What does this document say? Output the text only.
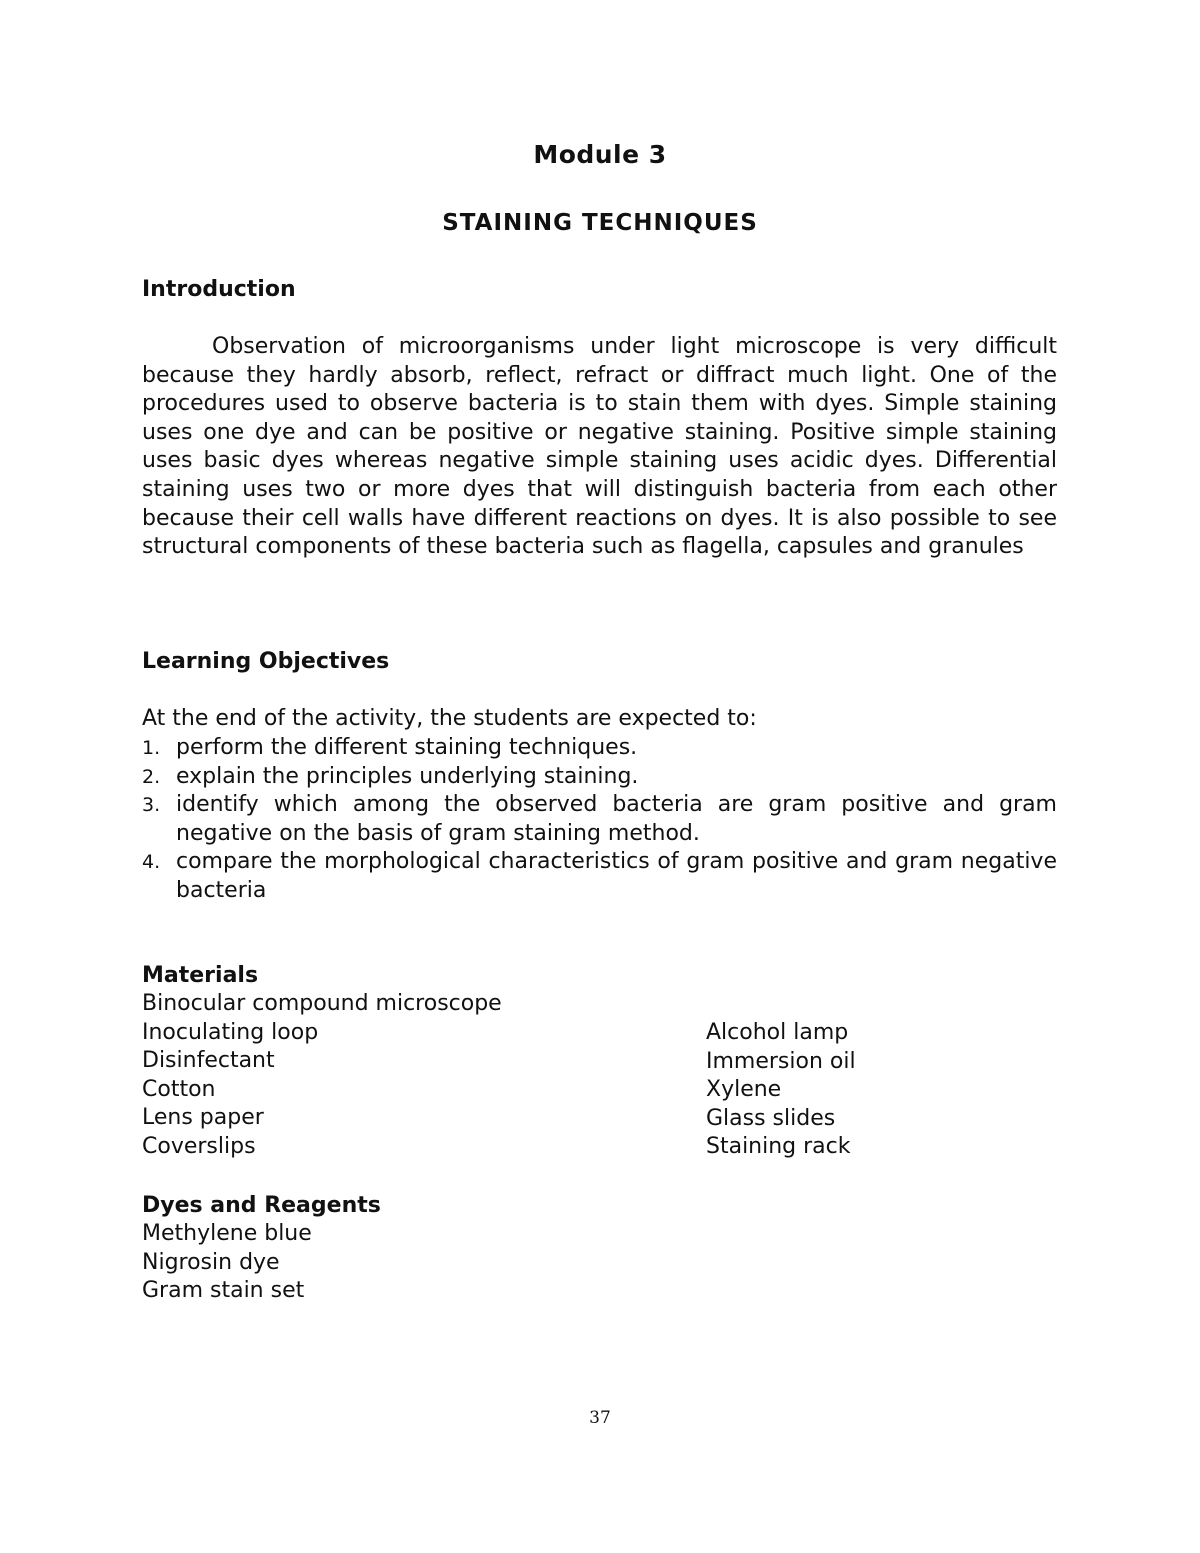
Module 3
STAINING TECHNIQUES
Introduction

Observation of microorganisms under light microscope is very difficult because they hardly absorb, reflect, refract or diffract much light. One of the procedures used to observe bacteria is to stain them with dyes. Simple staining uses one dye and can be positive or negative staining. Positive simple staining uses basic dyes whereas negative simple staining uses acidic dyes. Differential staining uses two or more dyes that will distinguish bacteria from each other because their cell walls have different reactions on dyes. It is also possible to see structural components of these bacteria such as flagella, capsules and granules

Learning Objectives
At the end of the activity, the students are expected to:
1. perform the different staining techniques.
2. explain the principles underlying staining.
3. identify which among the observed bacteria are gram positive and gram negative on the basis of gram staining method.
4. compare the morphological characteristics of gram positive and gram negative bacteria
Materials
Binocular compound microscope
Inoculating loop
Disinfectant
Cotton
Lens paper
Coverslips
Alcohol lamp
Immersion oil
Xylene
Glass slides
Staining rack
Dyes and Reagents
Methylene blue
Nigrosin dye
Gram stain set
37
